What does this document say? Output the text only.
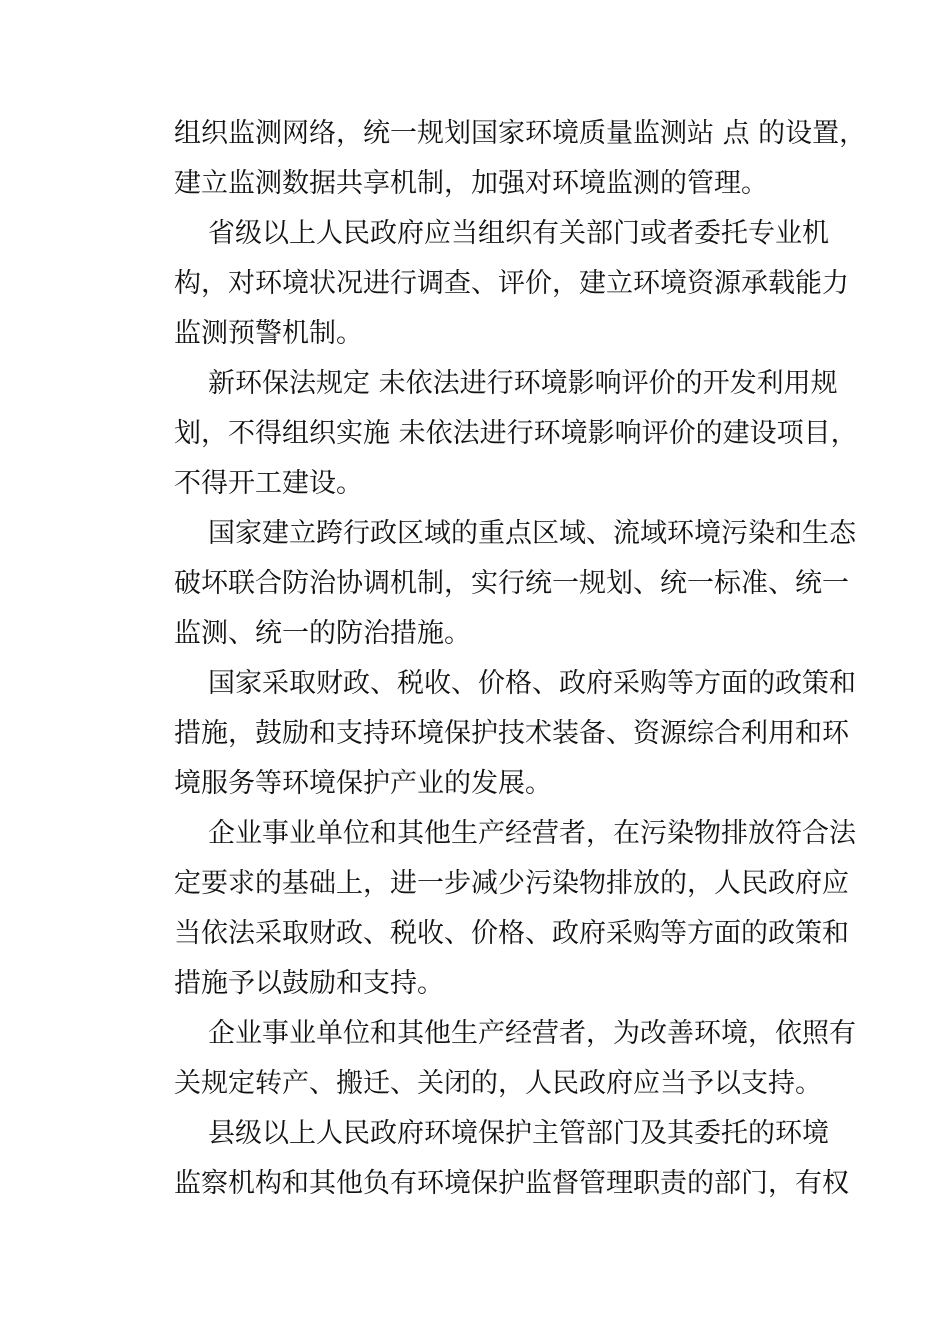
组织监测网络，统一规划国家环境质量监测站 点 的设置，
建立监测数据共享机制，加强对环境监测的管理。
省级以上人民政府应当组织有关部门或者委托专业机
构，对环境状况进行调查、评价，建立环境资源承载能力
监测预警机制。
新环保法规定 未依法进行环境影响评价的开发利用规
划，不得组织实施 未依法进行环境影响评价的建设项目，
不得开工建设。
国家建立跨行政区域的重点区域、流域环境污染和生态
破坏联合防治协调机制，实行统一规划、统一标准、统一
监测、统一的防治措施。
国家采取财政、税收、价格、政府采购等方面的政策和
措施，鼓励和支持环境保护技术装备、资源综合利用和环
境服务等环境保护产业的发展。
企业事业单位和其他生产经营者，在污染物排放符合法
定要求的基础上，进一步减少污染物排放的，人民政府应
当依法采取财政、税收、价格、政府采购等方面的政策和
措施予以鼓励和支持。
企业事业单位和其他生产经营者，为改善环境，依照有
关规定转产、搬迁、关闭的，人民政府应当予以支持。
县级以上人民政府环境保护主管部门及其委托的环境
监察机构和其他负有环境保护监督管理职责的部门，有权
